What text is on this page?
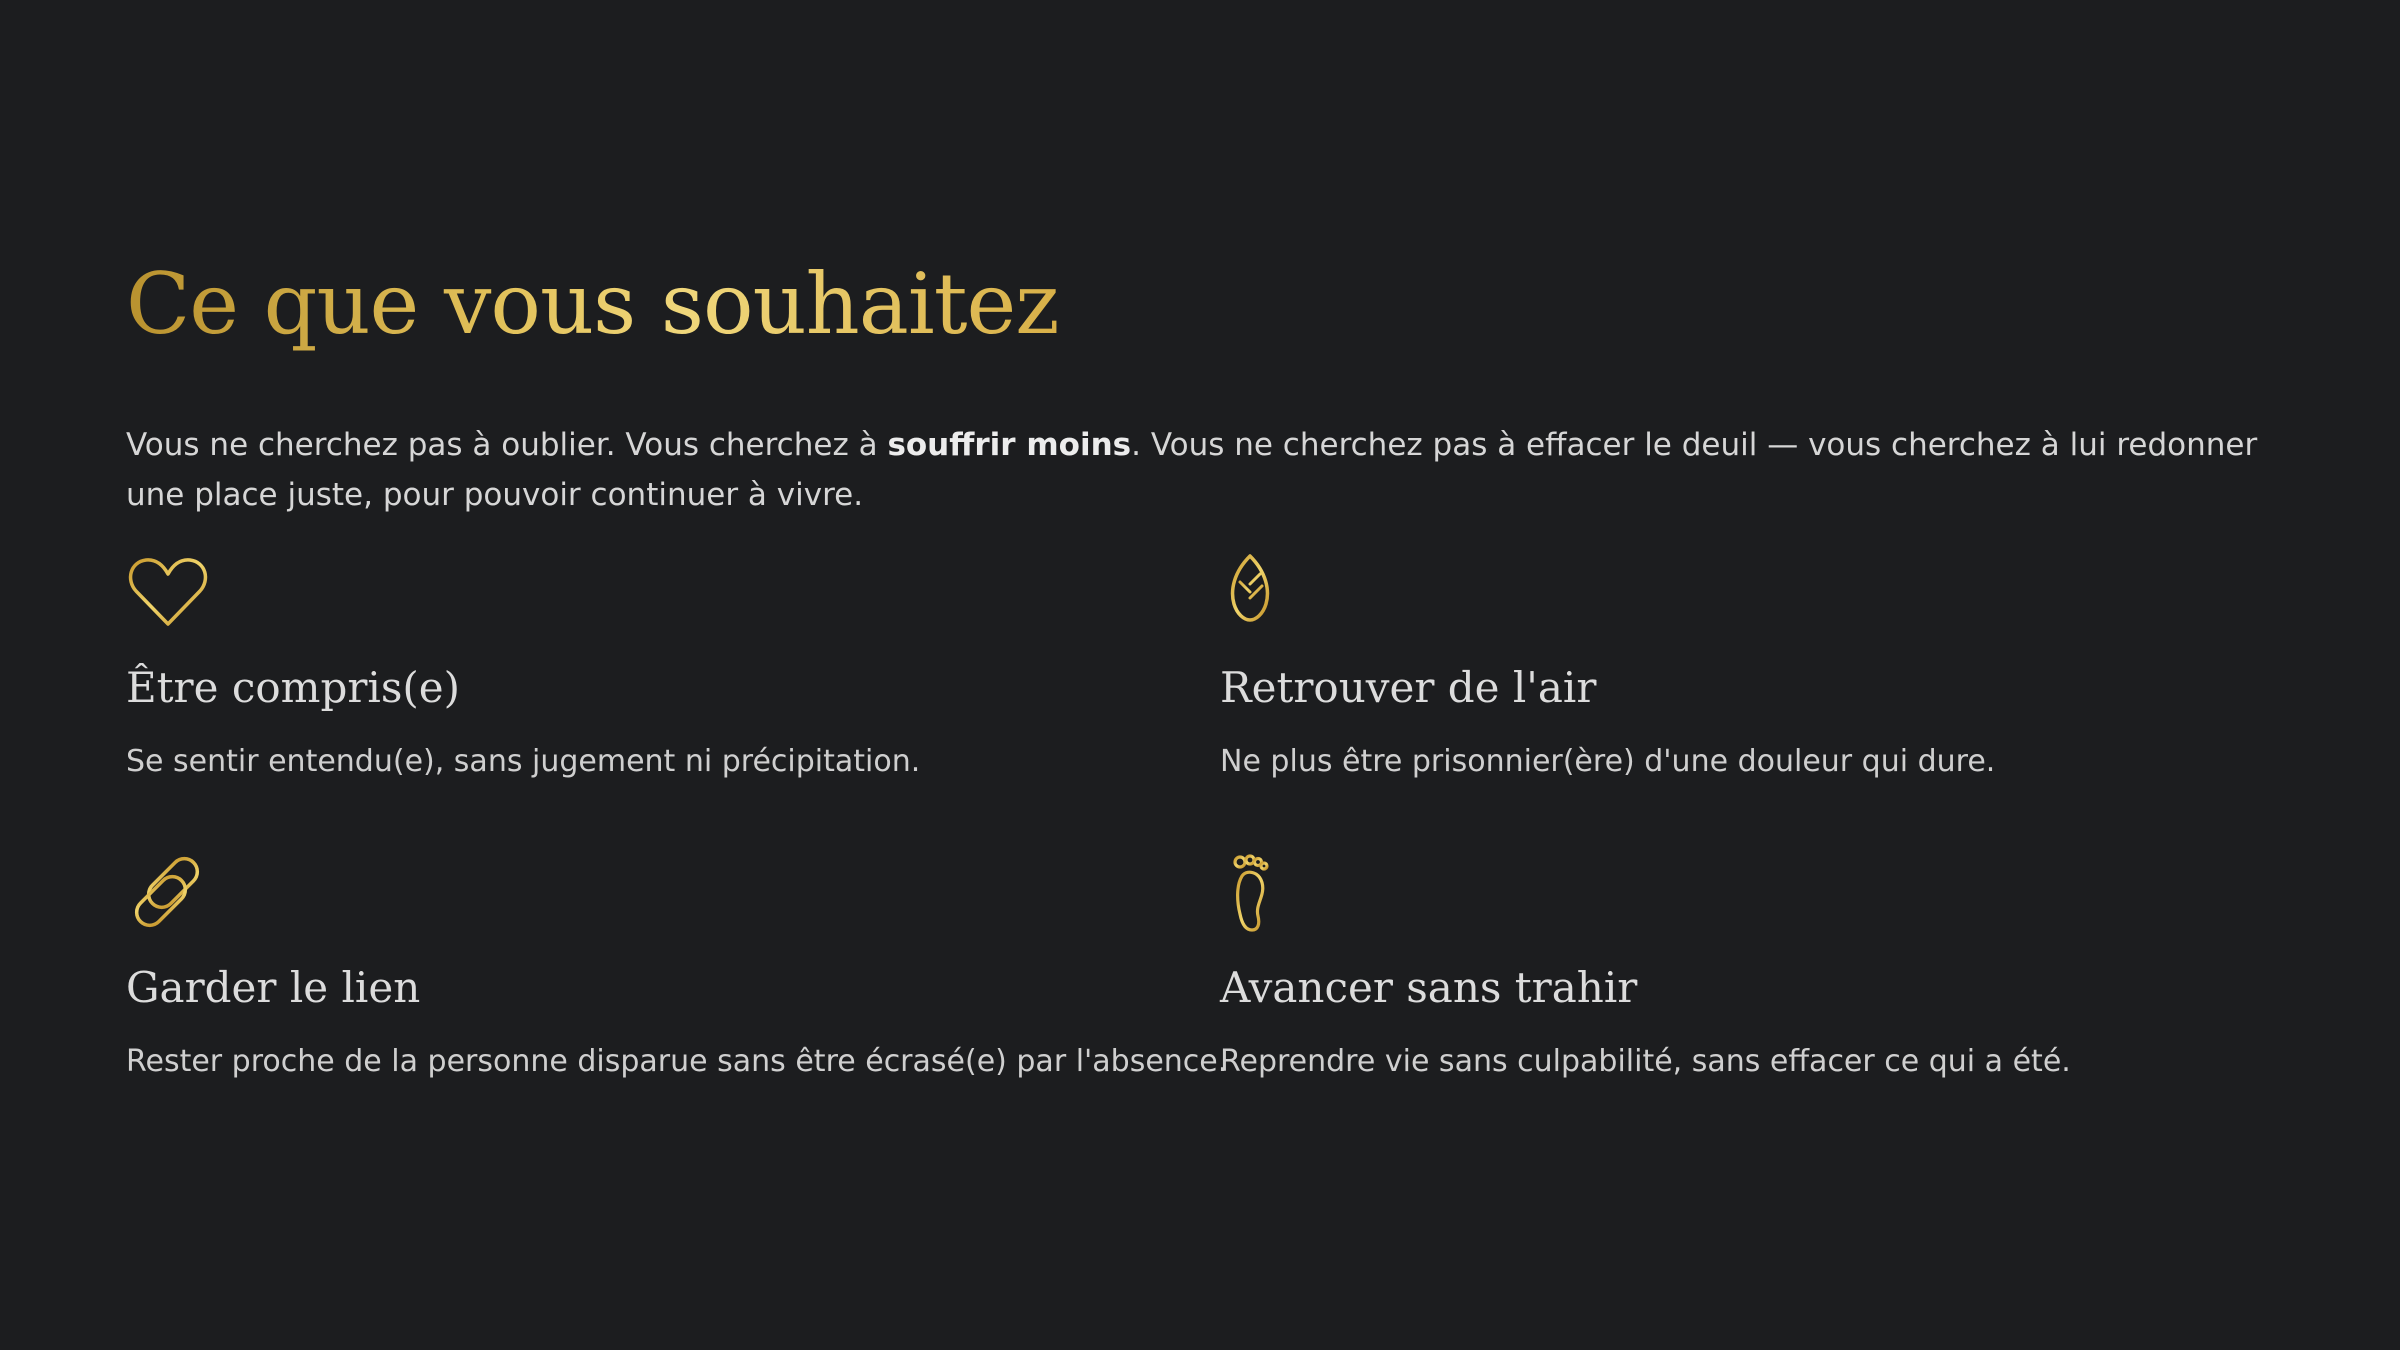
Ce que vous souhaitez

Vous ne cherchez pas à oublier. Vous cherchez à souffrir moins. Vous ne cherchez pas à effacer le deuil — vous cherchez à lui redonner une place juste, pour pouvoir continuer à vivre.

Être compris(e)

Se sentir entendu(e), sans jugement ni précipitation.

Retrouver de l'air

Ne plus être prisonnier(ère) d'une douleur qui dure.

Garder le lien

Rester proche de la personne disparue sans être écrasé(e) par l'absence.

Avancer sans trahir

Reprendre vie sans culpabilité, sans effacer ce qui a été.
